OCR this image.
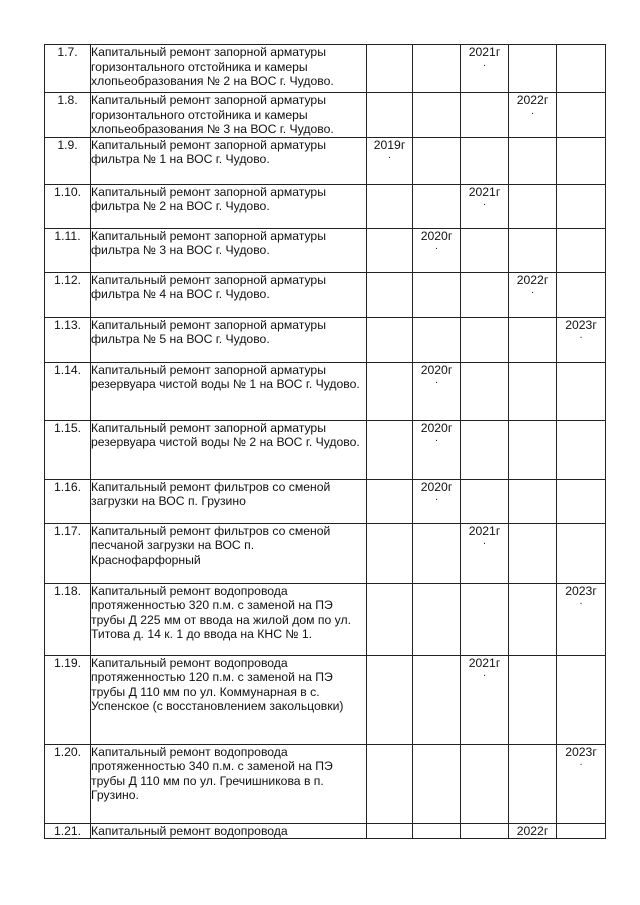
1.7.	Капитальный ремонт запорной арматуры горизонтального отстойника и камеры хлопьеобразования № 2 на ВОС г. Чудово.			2021г
.		

1.8.	Капитальный ремонт запорной арматуры горизонтального отстойника и камеры хлопьеобразования № 3 на ВОС г. Чудово.				2022г
.	

1.9.	Капитальный ремонт запорной арматуры фильтра № 1 на ВОС г. Чудово.	2019г
.				

1.10.	Капитальный ремонт запорной арматуры фильтра № 2 на ВОС г. Чудово.			2021г
.		

1.11.	Капитальный ремонт запорной арматуры фильтра № 3 на ВОС г. Чудово.		2020г
.			

1.12.	Капитальный ремонт запорной арматуры фильтра № 4 на ВОС г. Чудово.				2022г
.	

1.13.	Капитальный ремонт запорной арматуры фильтра № 5 на ВОС г. Чудово.					2023г
.

1.14.	Капитальный ремонт запорной арматуры резервуара чистой воды № 1 на ВОС г. Чудово.		2020г
.			

1.15.	Капитальный ремонт запорной арматуры резервуара чистой воды № 2 на ВОС г. Чудово.		2020г
.			

1.16.	Капитальный ремонт фильтров со сменой загрузки на ВОС п. Грузино		2020г
.			

1.17.	Капитальный ремонт фильтров со сменой песчаной загрузки на ВОС п. Краснофарфорный			2021г
.		

1.18.	Капитальный ремонт водопровода протяженностью 320 п.м. с заменой на ПЭ трубы Д 225 мм от ввода на жилой дом по ул. Титова д. 14 к. 1 до ввода на КНС № 1.					2023г
.

1.19.	Капитальный ремонт водопровода протяженностью 120 п.м. с заменой на ПЭ трубы Д 110 мм по ул. Коммунарная в с. Успенское (с восстановлением закольцовки)			2021г
.		

1.20.	Капитальный ремонт водопровода протяженностью 340 п.м. с заменой на ПЭ трубы Д 110 мм по ул. Гречишникова в п. Грузино.					2023г
.

1.21.	Капитальный ремонт водопровода				2022г	
